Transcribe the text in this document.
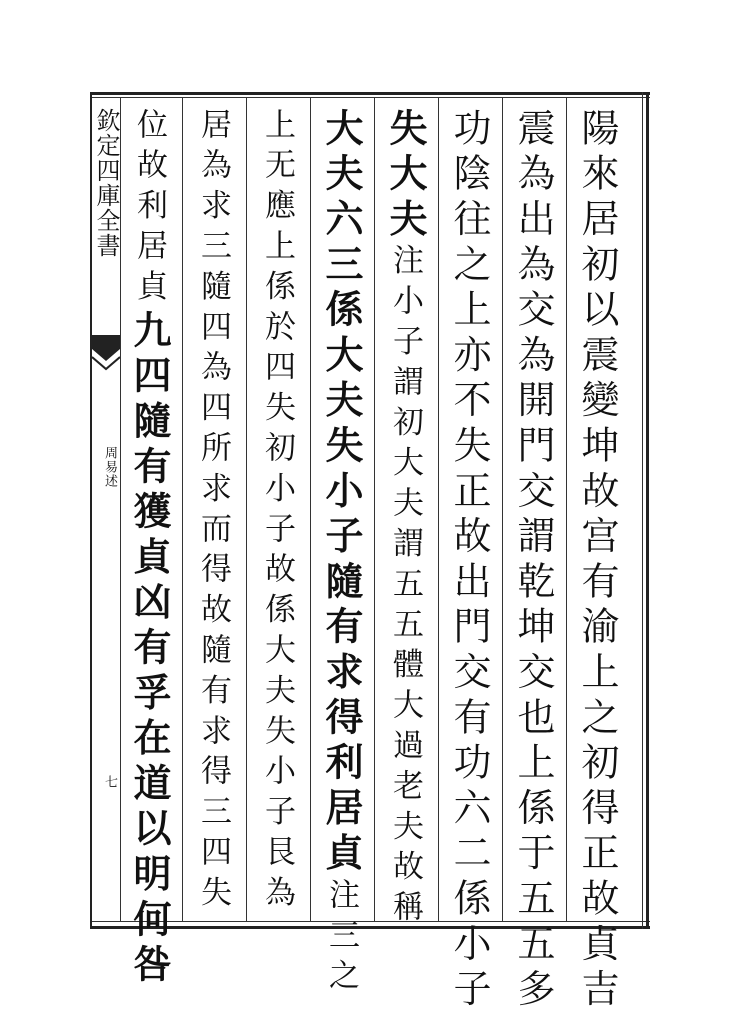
欽定四庫全書
周易述
七	陽來居初以震變坤故宫有渝上之初得正故貞吉
震為出為交為開門交謂乾坤交也上係于五五多
功陰往之上亦不失正故出門交有功六二係小子
失大夫注小子謂初大夫謂五五體大過老夫故稱
大夫六三係大夫失小子隨有求得利居貞注三之
上无應上係於四失初小子故係大夫失小子艮為
居為求三隨四為四所求而得故隨有求得三四失
位故利居貞九四隨有獲貞凶有孚在道以明何咎
